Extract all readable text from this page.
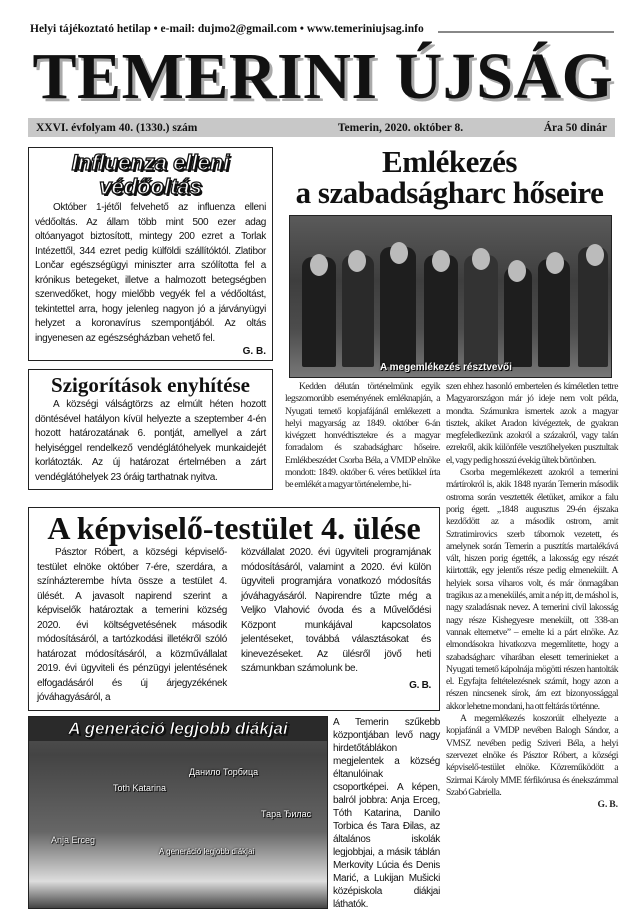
Helyi tájékoztató hetilap • e-mail: dujmo2@gmail.com • www.temeriniujsag.info
TEMERINI ÚJSÁG
XXVI. évfolyam 40. (1330.) szám	Temerin, 2020. október 8.	Ára 50 dinár
Influenza elleni védőoltás

Október 1-jétől felvehető az influenza elleni védőoltás. Az állam több mint 500 ezer adag oltóanyagot biztosított, mintegy 200 ezret a Torlak Intézettől, 344 ezret pedig külföldi szállítóktól. Zlatibor Lončar egészségügyi miniszter arra szólította fel a krónikus betegeket, illetve a halmozott betegségben szenvedőket, hogy mielőbb vegyék fel a védőoltást, tekintettel arra, hogy jelenleg nagyon jó a járványügyi helyzet a koronavírus szempontjából. Az oltás ingyenesen az egészségházban vehető fel.

G. B.
Szigorítások enyhítése

A községi válságtörzs az elmúlt héten hozott döntésével hatályon kívül helyezte a szeptember 4-én hozott határozatának 6. pontját, amellyel a zárt helyiséggel rendelkező vendéglátóhelyek munkaidejét korlátozták. Az új határozat értelmében a zárt vendéglátóhelyek 23 óráig tarthatnak nyitva.

A képviselő-testület 4. ülése

Pásztor Róbert, a községi képviselő-testület elnöke október 7-ére, szerdára, a színházterembe hívta össze a testület 4. ülését. A javasolt napirend szerint a képviselők határoztak a temerini község 2020. évi költségvetésének második módosításáról, a tartózkodási illetékről szóló határozat módosításáról, a közművállalat 2019. évi ügyviteli és pénzügyi jelentésének elfogadásáról és új árjegyzékének jóváhagyásáról, a

közvállalat 2020. évi ügyviteli programjának módosításáról, valamint a 2020. évi külön ügyviteli programjára vonatkozó módosítás jóváhagyásáról. Napirendre tűzte még a Veljko Vlahović óvoda és a Művelődési Központ munkájával kapcsolatos jelentéseket, továbbá választásokat és kinevezéseket. Az ülésről jövő heti számunkban számolunk be.

G. B.
A generáció legjobb diákjai
Anja Erceg
Toth Katarina
Данило Торбица
Тара Ђилас
A generáció legjobb diákjai

A Temerin szűkebb központjában levő nagy hirdetőtáblákon megjelentek a község éltanulóinak csoportképei. A képen, balról jobbra: Anja Erceg, Tóth Katarina, Danilo Torbica és Tara Đilas, az általános iskolák legjobbjai, a másik táblán Merkovity Lúcia és Denis Marić, a Lukijan Mušicki középiskola diákjai láthatók.

Emlékezés
a szabadságharc hőseire
A megemlékezés résztvevői

Kedden délután történelmünk egyik legszomorúbb eseményének emléknapján, a Nyugati temető kopjafájánál emlékezett a helyi magyarság az 1849. október 6-án kivégzett honvédtisztekre és a magyar forradalom és szabadságharc hőseire. Emlékbeszédet Csorba Béla, a VMDP elnöke mondott: 1849. október 6. véres betűkkel írta be emlékét a magyar történelembe, hi-

szen ehhez hasonló embertelen és kíméletlen tettre Magyarországon már jó ideje nem volt példa, mondta. Számunkra ismertek azok a magyar tisztek, akiket Aradon kivégeztek, de gyakran megfeledkezünk azokról a százakról, vagy talán ezrekről, akik különféle vesztőhelyeken pusztultak el, vagy pedig hosszú évekig ültek börtönben.

Csorba megemlékezett azokról a temerini mártírokról is, akik 1848 nyarán Temerin második ostroma során vesztették életüket, amikor a falu porig égett. „1848 augusztus 29-én éjszaka kezdődött az a második ostrom, amit Sztratimirovics szerb tábornok vezetett, és amelynek során Temerin a pusztítás martalékává vált, hiszen porig égették, a lakosság egy részét kiirtották, egy jelentős része pedig elmenekült. A helyiek sorsa viharos volt, és már önmagában tragikus az a menekülés, amit a nép itt, de máshol is, nagy szaladásnak nevez. A temerini civil lakosság nagy része Kishegyesre menekült, ott 338-an vannak eltemetve” – emelte ki a párt elnöke. Az elmondásokra hivatkozva megemlítette, hogy a szabadságharc viharában elesett temerinieket a Nyugati temető kápolnája mögötti részen hantolták el. Egyfajta feltételezésnek számít, hogy azon a részen nincsenek sírok, ám ezt bizonyossággal akkor lehetne mondani, ha ott feltárás történne.

A megemlékezés koszorúit elhelyezte a kopjafánál a VMDP nevében Balogh Sándor, a VMSZ nevében pedig Sziveri Béla, a helyi szervezet elnöke és Pásztor Róbert, a községi képviselő-testület elnöke. Közreműködött a Szirmai Károly MME férfikórusa és énekszámmal Szabó Gabriella.

G. B.
